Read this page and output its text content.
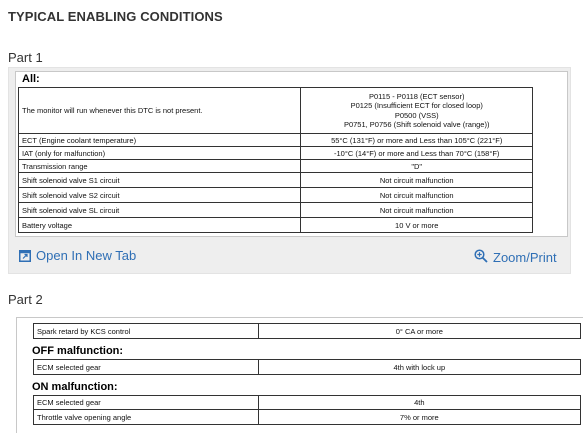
TYPICAL ENABLING CONDITIONS
Part 1
All:
The monitor will run whenever this DTC is not present.	P0115 - P0118 (ECT sensor)
P0125 (Insufficient ECT for closed loop)
P0500 (VSS)
P0751, P0756 (Shift solenoid valve (range))

ECT (Engine coolant temperature)	55°C (131°F) or more and Less than 105°C (221°F)
IAT (only for malfunction)	-10°C (14°F) or more and Less than 70°C (158°F)
Transmission range	"D"
Shift solenoid valve S1 circuit	Not circuit malfunction
Shift solenoid valve S2 circuit	Not circuit malfunction
Shift solenoid valve SL circuit	Not circuit malfunction
Battery voltage	10 V or more
Open In New Tab	Zoom/Print
Part 2
Spark retard by KCS control	0° CA or more
OFF malfunction:
ECM selected gear	4th with lock up
ON malfunction:
ECM selected gear	4th
Throttle valve opening angle	7% or more
